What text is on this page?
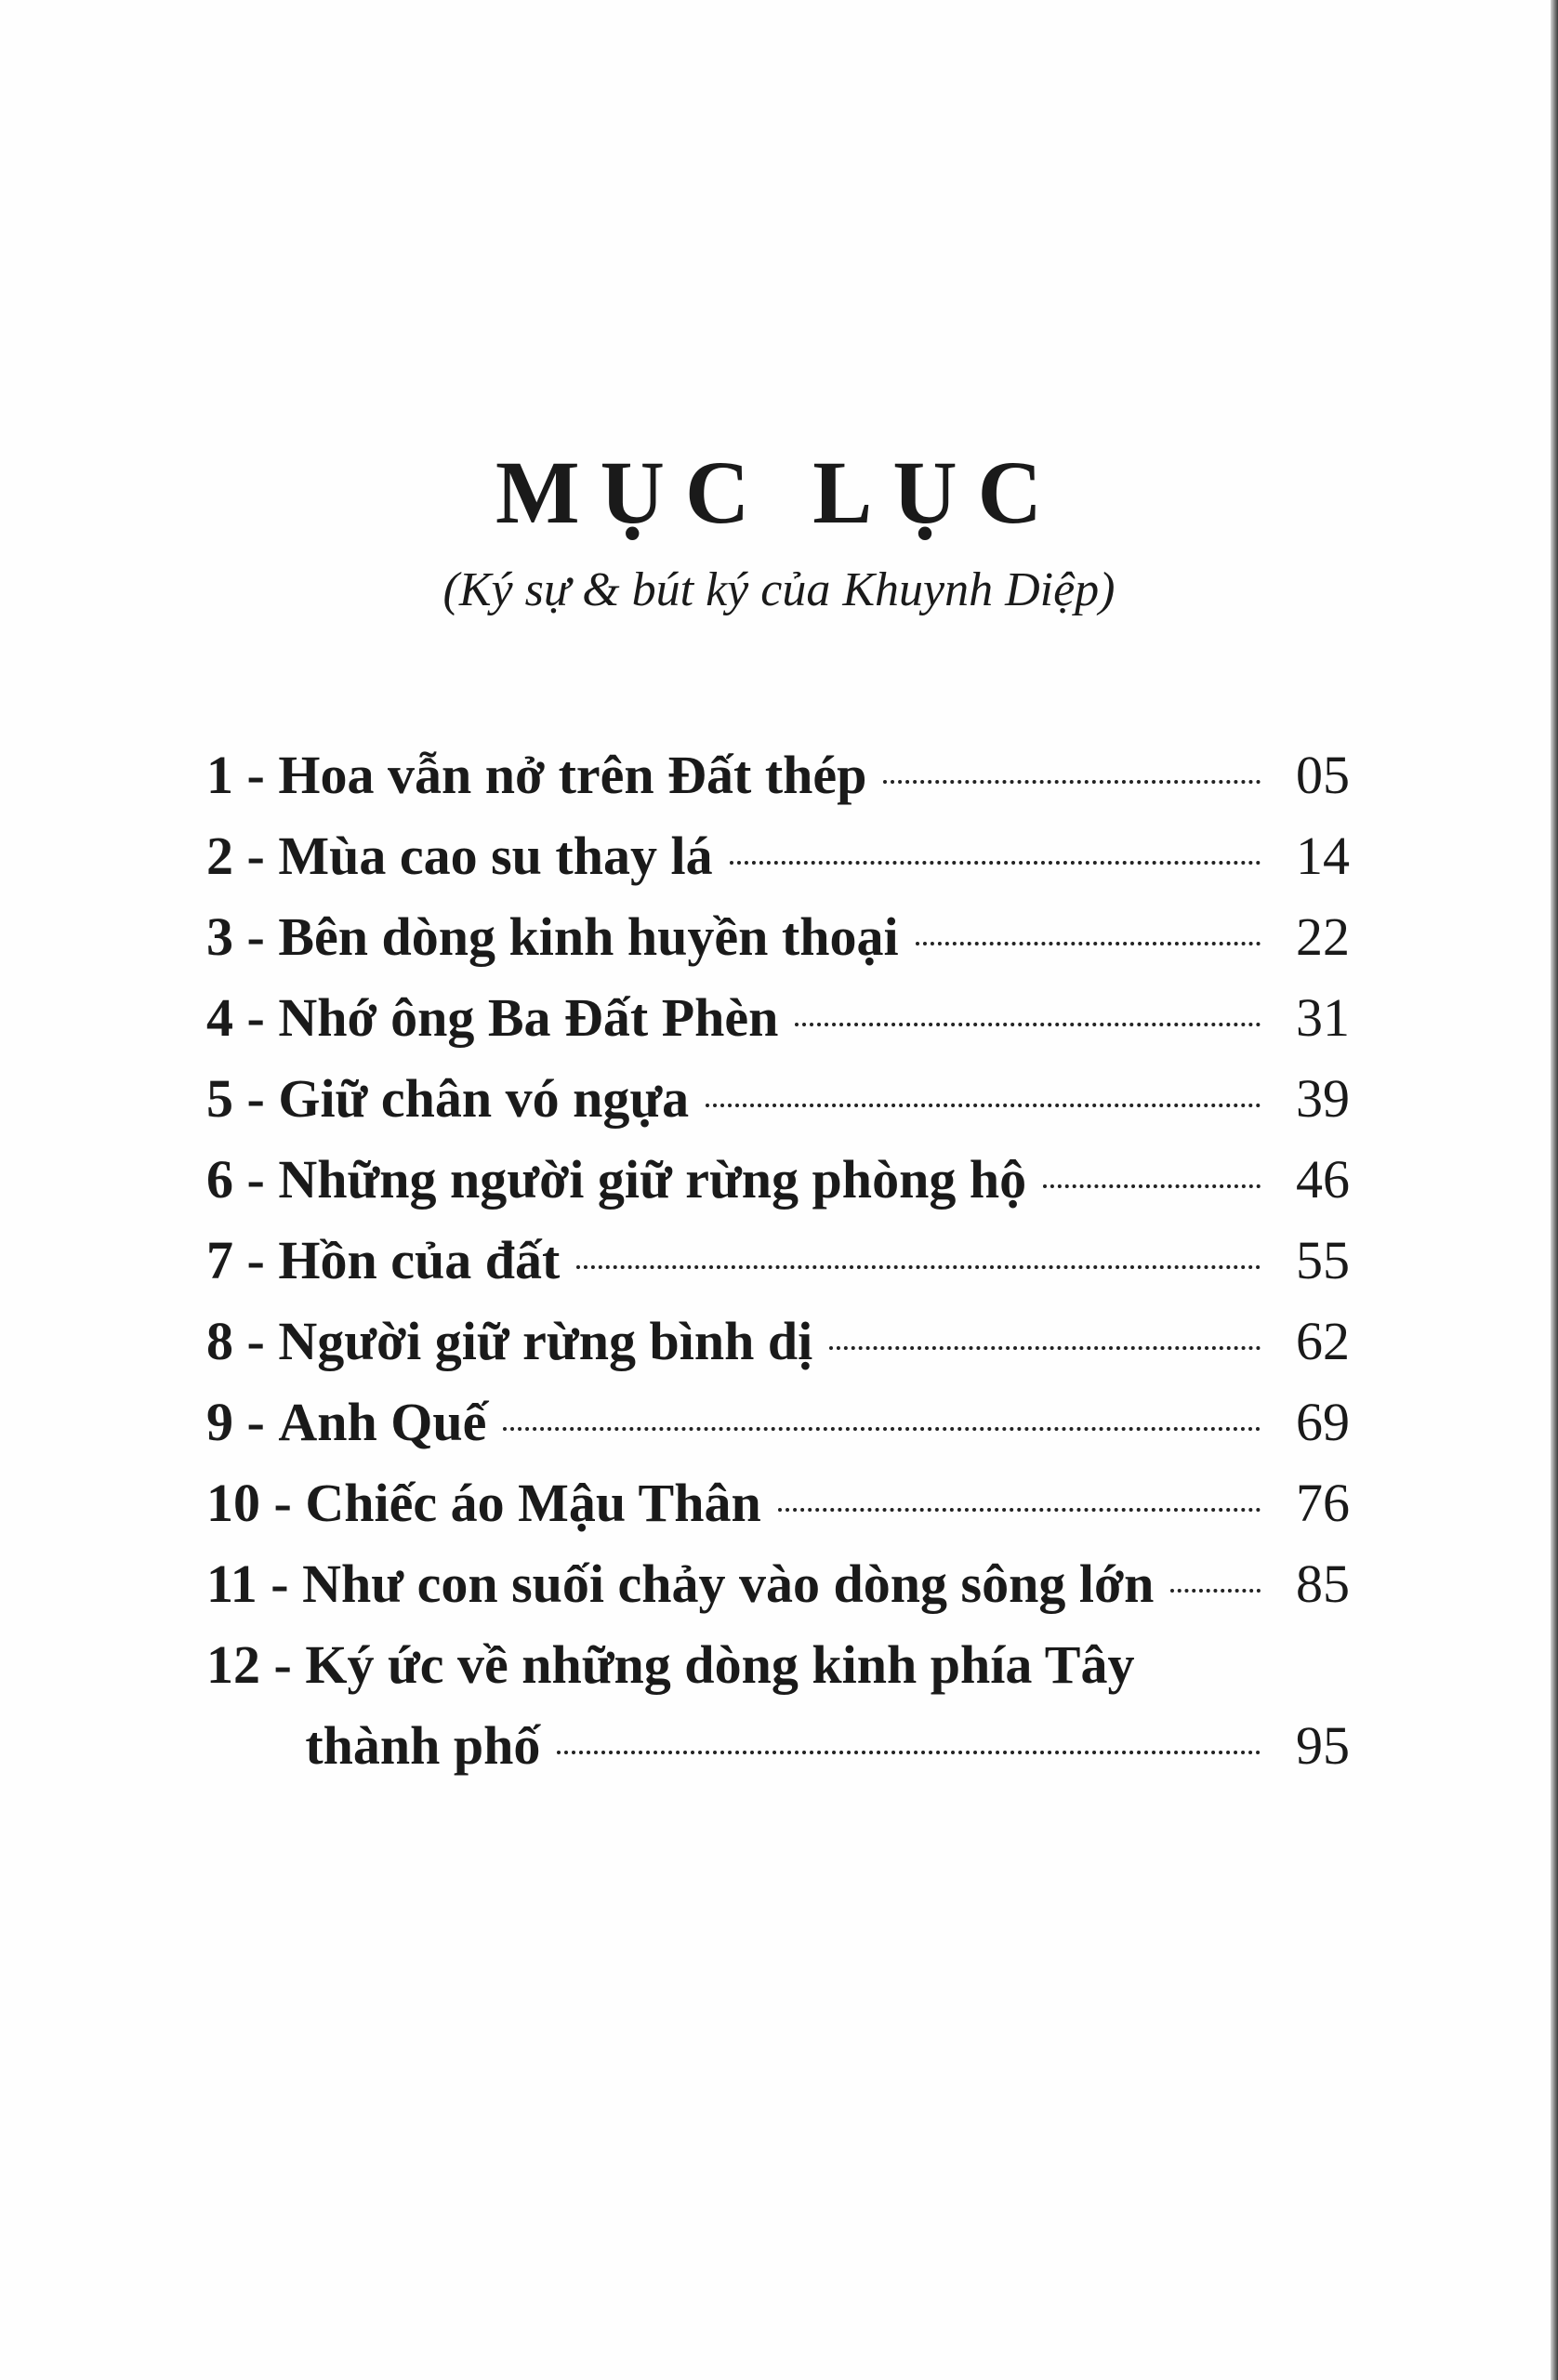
MỤC LỤC
(Ký sự & bút ký của Khuynh Diệp)
1 - Hoa vẫn nở trên Đất thép	05
2 - Mùa cao su thay lá	14
3 - Bên dòng kinh huyền thoại	22
4 - Nhớ ông Ba Đất Phèn	31
5 - Giữ chân vó ngựa	39
6 - Những người giữ rừng phòng hộ	46
7 - Hồn của đất	55
8 - Người giữ rừng bình dị	62
9 - Anh Quế	69
10 - Chiếc áo Mậu Thân	76
11 - Như con suối chảy vào dòng sông lớn	85
12 - Ký ức về những dòng kinh phía Tây
thành phố	95
